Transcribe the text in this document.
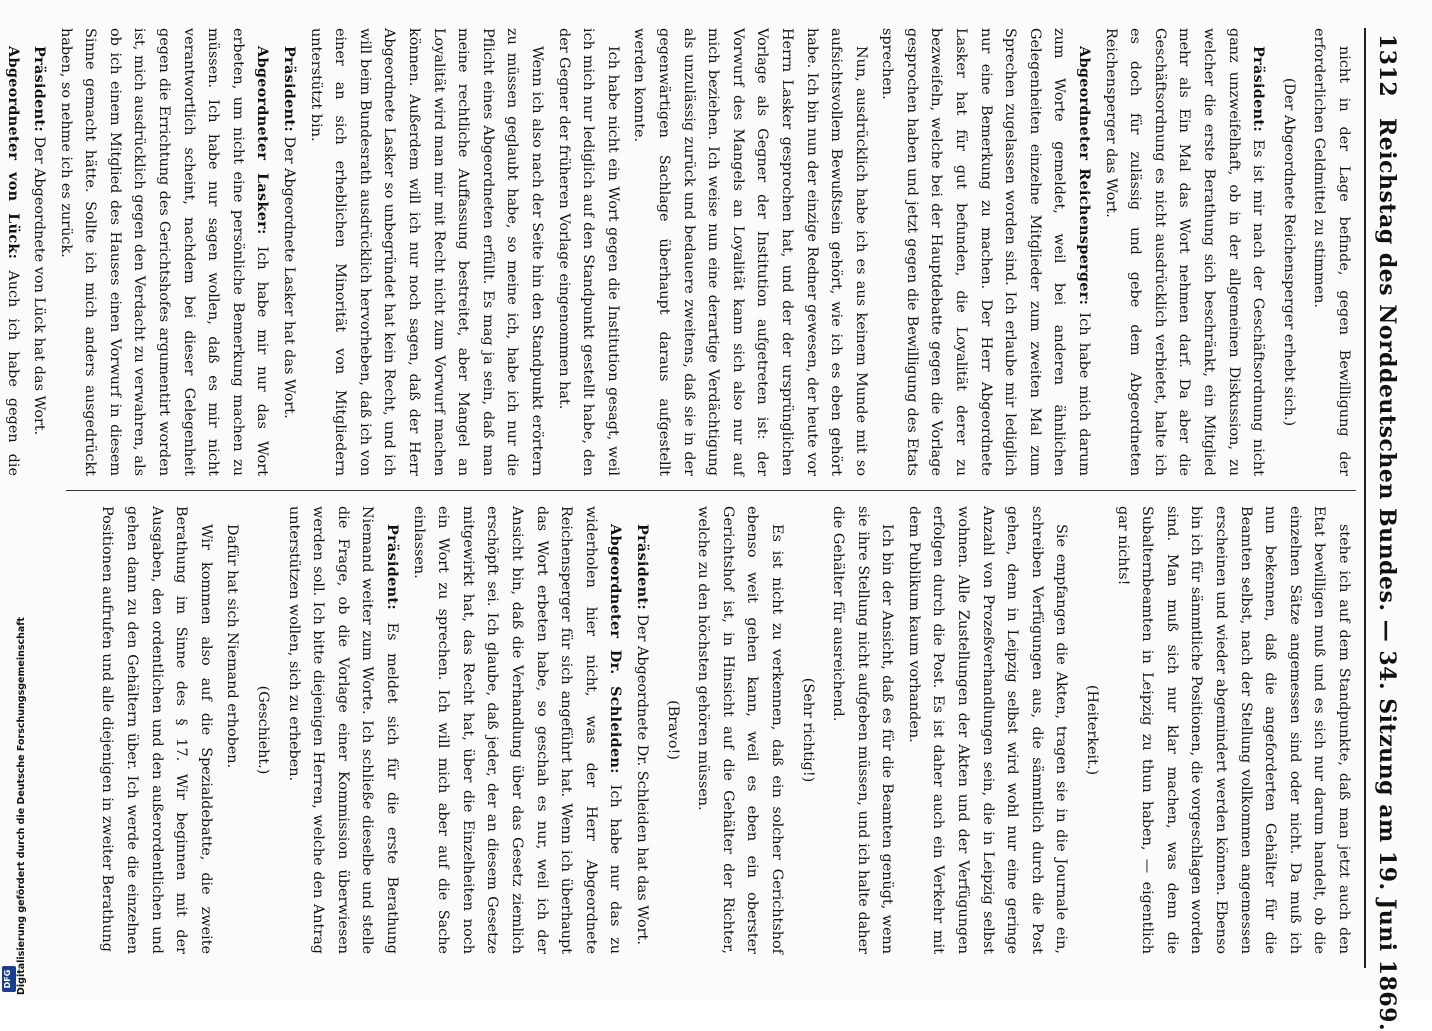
1312
Reichstag des Norddeutschen Bundes. — 34. Sitzung am 19. Juni 1869.

nicht in der Lage befinde, gegen Bewilligung der erforderlichen Geldmittel zu stimmen.

(Der Abgeordnete Reichensperger erhebt sich.)

Präsident: Es ist mir nach der Geschäftsordnung nicht ganz unzweifelhaft, ob in der allgemeinen Diskussion, zu welcher die erste Berathung sich beschränkt, ein Mitglied mehr als Ein Mal das Wort nehmen darf. Da aber die Geschäftsordnung es nicht ausdrücklich verbietet, halte ich es doch für zulässig und gebe dem Abgeordneten Reichensperger das Wort.

Abgeordneter Reichensperger: Ich habe mich darum zum Worte gemeldet, weil bei anderen ähnlichen Gelegenheiten einzelne Mitglieder zum zweiten Mal zum Sprechen zugelassen worden sind. Ich erlaube mir lediglich nur eine Bemerkung zu machen. Der Herr Abgeordnete Lasker hat für gut befunden, die Loyalität derer zu bezweifeln, welche bei der Hauptdebatte gegen die Vorlage gesprochen haben und jetzt gegen die Bewilligung des Etats sprechen.

Nun, ausdrücklich habe ich es aus keinem Munde mit so aufsichtsvollem Bewußtsein gehört, wie ich es eben gehört habe. Ich bin nun der einzige Redner gewesen, der heute vor Herrn Lasker gesprochen hat, und der der ursprünglichen Vorlage als Gegner der Institution aufgetreten ist: der Vorwurf des Mangels an Loyalität kann sich also nur auf mich beziehen. Ich weise nun eine derartige Verdächtigung als unzulässig zurück und bedauere zweitens, daß sie in der gegenwärtigen Sachlage überhaupt daraus aufgestellt werden konnte.

Ich habe nicht ein Wort gegen die Institution gesagt, weil ich mich nur lediglich auf den Standpunkt gestellt habe, den der Gegner der früheren Vorlage eingenommen hat.

Wenn ich also nach der Seite hin den Standpunkt erörtern zu müssen geglaubt habe, so meine ich, habe ich nur die Pflicht eines Abgeordneten erfüllt. Es mag ja sein, daß man meine rechtliche Auffassung bestreitet, aber Mangel an Loyalität wird man mir mit Recht nicht zum Vorwurf machen können. Außerdem will ich nur noch sagen, daß der Herr Abgeordnete Lasker so unbegründet hat kein Recht, und ich will beim Bundesrath ausdrücklich hervorheben, daß ich von einer an sich erheblichen Minorität von Mitgliedern unterstützt bin.

Präsident: Der Abgeordnete Lasker hat das Wort.

Abgeordneter Lasker: Ich habe mir nur das Wort erbeten, um nicht eine persönliche Bemerkung machen zu müssen. Ich habe nur sagen wollen, daß es mir nicht verantwortlich scheint, nachdem bei dieser Gelegenheit gegen die Errichtung des Gerichtshofes argumentirt worden ist, mich ausdrücklich gegen den Verdacht zu verwahren, als ob ich einem Mitglied des Hauses einen Vorwurf in diesem Sinne gemacht hätte. Sollte ich mich anders ausgedrückt haben, so nehme ich es zurück.

Präsident: Der Abgeordnete von Lück hat das Wort.

Abgeordneter von Lück: Auch ich habe gegen die

stehe ich auf dem Standpunkte, daß man jetzt auch den Etat bewilligen muß und es sich nur darum handelt, ob die einzelnen Sätze angemessen sind oder nicht. Da muß ich nun bekennen, daß die angeforderten Gehälter für die Beamten selbst, nach der Stellung vollkommen angemessen erscheinen und wieder abgemindert werden können. Ebenso bin ich für sämmtliche Positionen, die vorgeschlagen worden sind. Man muß sich nur klar machen, was denn die Subalternbeamten in Leipzig zu thun haben, — eigentlich gar nichts!

(Heiterkeit.)

Sie empfangen die Akten, tragen sie in die Journale ein, schreiben Verfügungen aus, die sämmtlich durch die Post gehen, denn in Leipzig selbst wird wohl nur eine geringe Anzahl von Prozeßverhandlungen sein, die in Leipzig selbst wohnen. Alle Zustellungen der Akten und der Verfügungen erfolgen durch die Post. Es ist daher auch ein Verkehr mit dem Publikum kaum vorhanden.

Ich bin der Ansicht, daß es für die Beamten genügt, wenn sie ihre Stellung nicht aufgeben müssen, und ich halte daher die Gehälter für ausreichend.

(Sehr richtig!)

Es ist nicht zu verkennen, daß ein solcher Gerichtshof ebenso weit gehen kann, weil es eben ein oberster Gerichtshof ist, in Hinsicht auf die Gehälter der Richter, welche zu den höchsten gehören müssen.

(Bravo!)

Präsident: Der Abgeordnete Dr. Schleiden hat das Wort.

Abgeordneter Dr. Schleiden: Ich habe nur das zu widerholen hier nicht, was der Herr Abgeordnete Reichensperger für sich angeführt hat. Wenn ich überhaupt das Wort erbeten habe, so geschah es nur, weil ich der Ansicht bin, daß die Verhandlung über das Gesetz ziemlich erschöpft sei. Ich glaube, daß jeder, der an diesem Gesetze mitgewirkt hat, das Recht hat, über die Einzelheiten noch ein Wort zu sprechen. Ich will mich aber auf die Sache einlassen.

Präsident: Es meldet sich für die erste Berathung Niemand weiter zum Worte. Ich schließe dieselbe und stelle die Frage, ob die Vorlage einer Kommission überwiesen werden soll. Ich bitte diejenigen Herren, welche den Antrag unterstützen wollen, sich zu erheben.

(Geschieht.)

Dafür hat sich Niemand erhoben.

Wir kommen also auf die Spezialdebatte, die zweite Berathung im Sinne des § 17. Wir beginnen mit der Ausgaben, den ordentlichen und den außerordentlichen und gehen dann zu den Gehältern über. Ich werde die einzelnen Positionen aufrufen und alle diejenigen in zweiter Berathung

Digitalisierung gefördert durch die Deutsche Forschungsgemeinschaft
DFG
